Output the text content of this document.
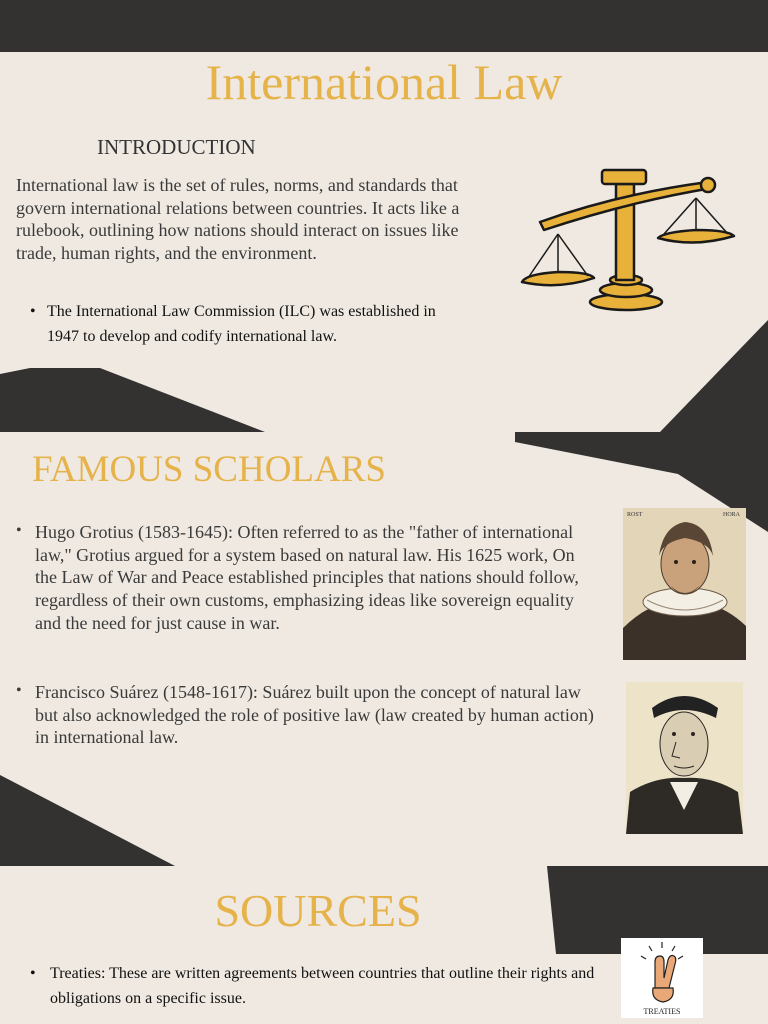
International Law
INTRODUCTION
International law is the set of rules, norms, and standards that govern international relations between countries. It acts like a rulebook, outlining how nations should interact on issues like trade, human rights, and the environment.
• The International Law Commission (ILC) was established in 1947 to develop and codify international law.
FAMOUS SCHOLARS
• Hugo Grotius (1583-1645): Often referred to as the "father of international law," Grotius argued for a system based on natural law. His 1625 work, On the Law of War and Peace established principles that nations should follow, regardless of their own customs, emphasizing ideas like sovereign equality and the need for just cause in war.
• Francisco Suárez (1548-1617): Suárez built upon the concept of natural law but also acknowledged the role of positive law (law created by human action) in international law.
ROST	HORA
SOURCES
• Treaties: These are written agreements between countries that outline their rights and obligations on a specific issue.
TREATIES
